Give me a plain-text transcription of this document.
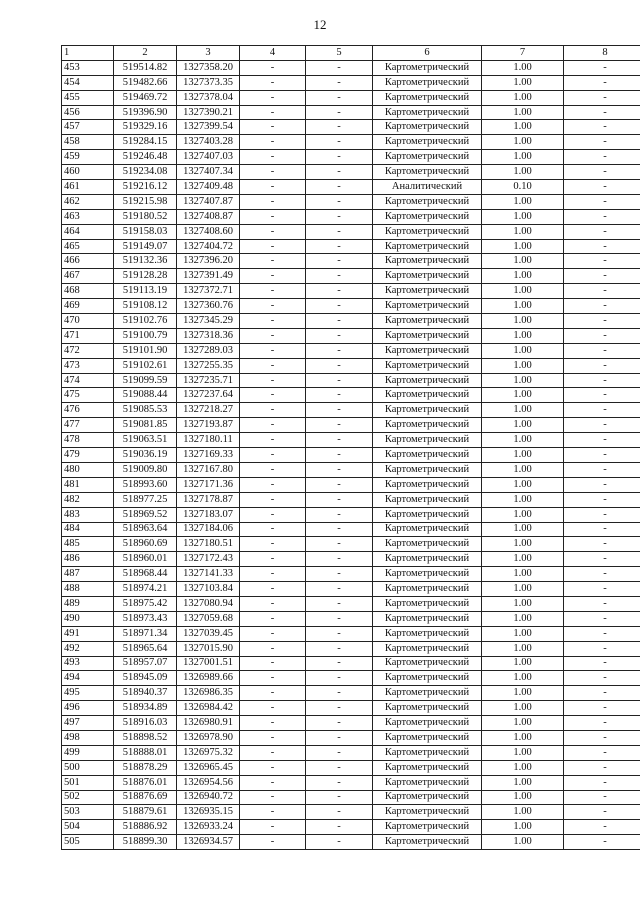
12
1	2	3	4	5	6	7	8
453	519514.82	1327358.20	-	-	Картометрический	1.00	-
454	519482.66	1327373.35	-	-	Картометрический	1.00	-
455	519469.72	1327378.04	-	-	Картометрический	1.00	-
456	519396.90	1327390.21	-	-	Картометрический	1.00	-
457	519329.16	1327399.54	-	-	Картометрический	1.00	-
458	519284.15	1327403.28	-	-	Картометрический	1.00	-
459	519246.48	1327407.03	-	-	Картометрический	1.00	-
460	519234.08	1327407.34	-	-	Картометрический	1.00	-
461	519216.12	1327409.48	-	-	Аналитический	0.10	-
462	519215.98	1327407.87	-	-	Картометрический	1.00	-
463	519180.52	1327408.87	-	-	Картометрический	1.00	-
464	519158.03	1327408.60	-	-	Картометрический	1.00	-
465	519149.07	1327404.72	-	-	Картометрический	1.00	-
466	519132.36	1327396.20	-	-	Картометрический	1.00	-
467	519128.28	1327391.49	-	-	Картометрический	1.00	-
468	519113.19	1327372.71	-	-	Картометрический	1.00	-
469	519108.12	1327360.76	-	-	Картометрический	1.00	-
470	519102.76	1327345.29	-	-	Картометрический	1.00	-
471	519100.79	1327318.36	-	-	Картометрический	1.00	-
472	519101.90	1327289.03	-	-	Картометрический	1.00	-
473	519102.61	1327255.35	-	-	Картометрический	1.00	-
474	519099.59	1327235.71	-	-	Картометрический	1.00	-
475	519088.44	1327237.64	-	-	Картометрический	1.00	-
476	519085.53	1327218.27	-	-	Картометрический	1.00	-
477	519081.85	1327193.87	-	-	Картометрический	1.00	-
478	519063.51	1327180.11	-	-	Картометрический	1.00	-
479	519036.19	1327169.33	-	-	Картометрический	1.00	-
480	519009.80	1327167.80	-	-	Картометрический	1.00	-
481	518993.60	1327171.36	-	-	Картометрический	1.00	-
482	518977.25	1327178.87	-	-	Картометрический	1.00	-
483	518969.52	1327183.07	-	-	Картометрический	1.00	-
484	518963.64	1327184.06	-	-	Картометрический	1.00	-
485	518960.69	1327180.51	-	-	Картометрический	1.00	-
486	518960.01	1327172.43	-	-	Картометрический	1.00	-
487	518968.44	1327141.33	-	-	Картометрический	1.00	-
488	518974.21	1327103.84	-	-	Картометрический	1.00	-
489	518975.42	1327080.94	-	-	Картометрический	1.00	-
490	518973.43	1327059.68	-	-	Картометрический	1.00	-
491	518971.34	1327039.45	-	-	Картометрический	1.00	-
492	518965.64	1327015.90	-	-	Картометрический	1.00	-
493	518957.07	1327001.51	-	-	Картометрический	1.00	-
494	518945.09	1326989.66	-	-	Картометрический	1.00	-
495	518940.37	1326986.35	-	-	Картометрический	1.00	-
496	518934.89	1326984.42	-	-	Картометрический	1.00	-
497	518916.03	1326980.91	-	-	Картометрический	1.00	-
498	518898.52	1326978.90	-	-	Картометрический	1.00	-
499	518888.01	1326975.32	-	-	Картометрический	1.00	-
500	518878.29	1326965.45	-	-	Картометрический	1.00	-
501	518876.01	1326954.56	-	-	Картометрический	1.00	-
502	518876.69	1326940.72	-	-	Картометрический	1.00	-
503	518879.61	1326935.15	-	-	Картометрический	1.00	-
504	518886.92	1326933.24	-	-	Картометрический	1.00	-
505	518899.30	1326934.57	-	-	Картометрический	1.00	-
